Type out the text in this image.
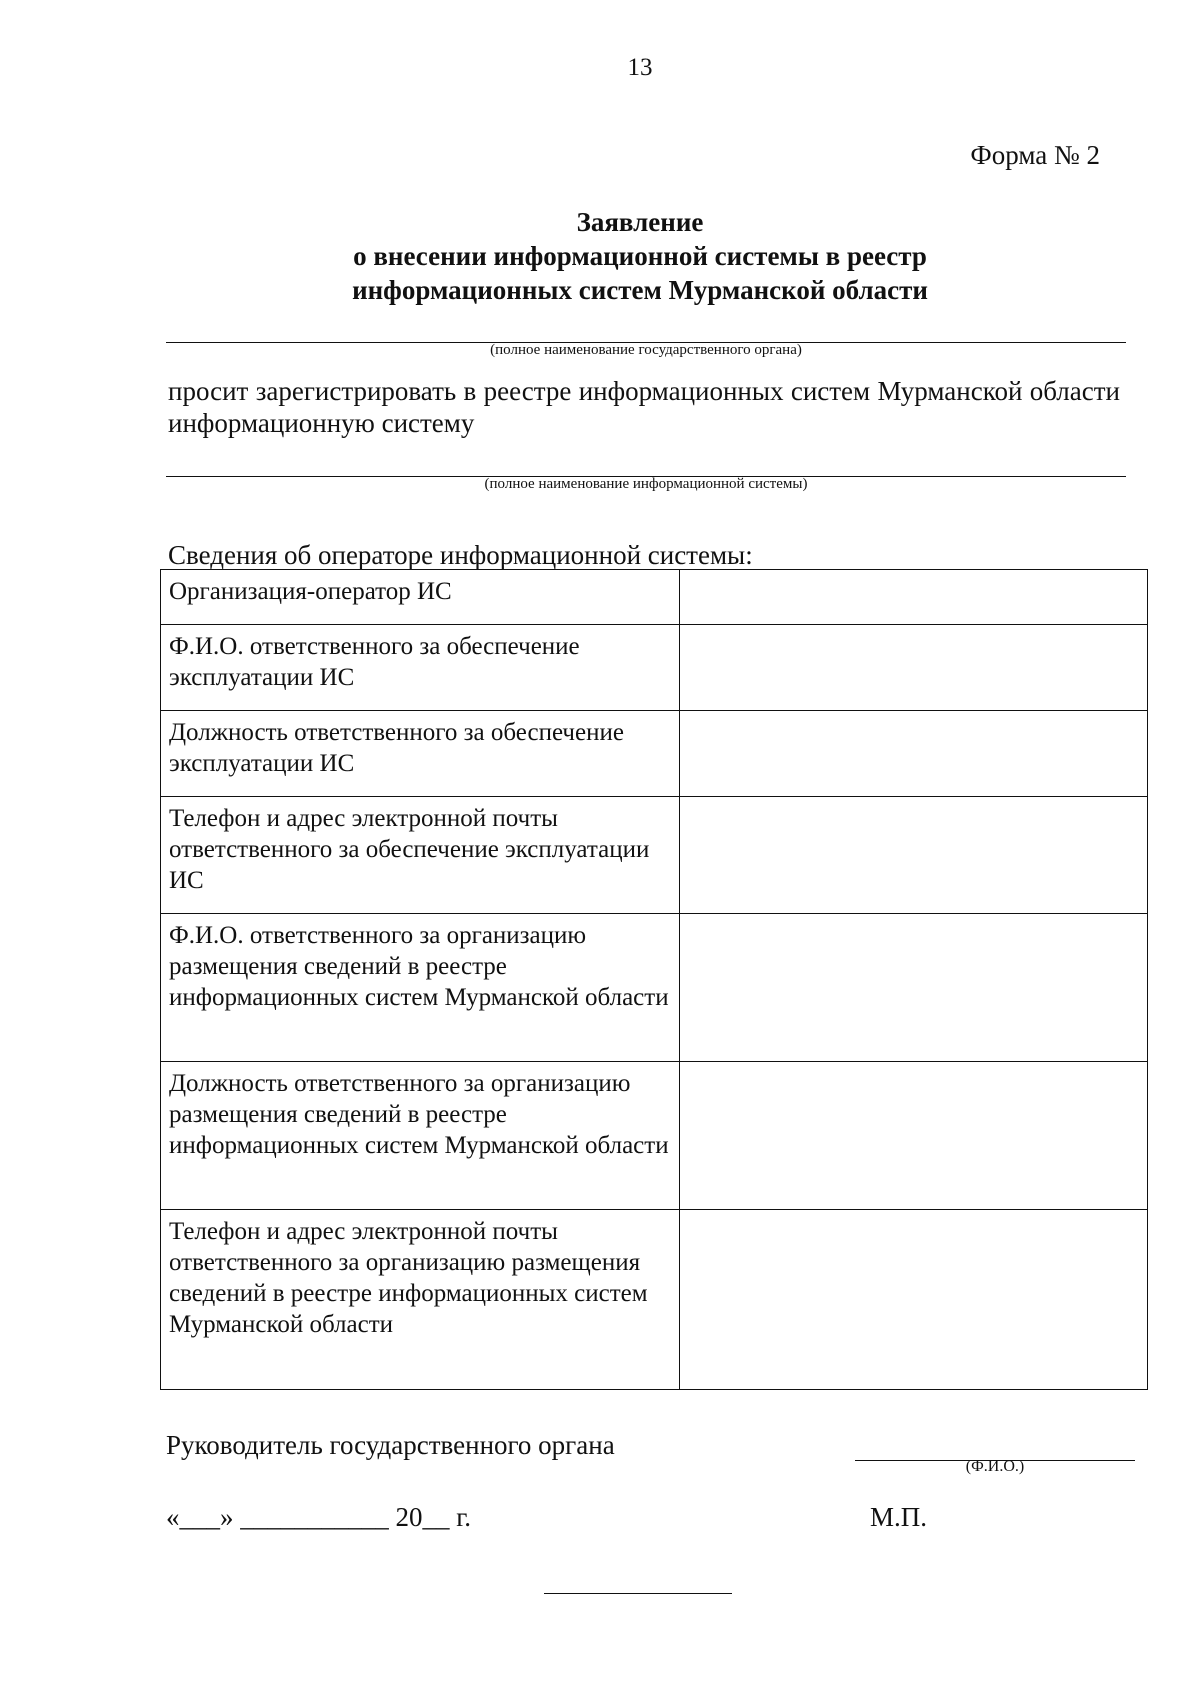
13
Форма № 2
Заявление
о внесении информационной системы в реестр
информационных систем Мурманской области
(полное наименование государственного органа)
просит зарегистрировать в реестре информационных систем Мурманской области информационную систему
(полное наименование информационной системы)
Сведения об операторе информационной системы:
Организация-оператор ИС	
Ф.И.О. ответственного за обеспечение эксплуатации ИС	
Должность ответственного за обеспечение эксплуатации ИС	
Телефон и адрес электронной почты ответственного за обеспечение эксплуатации ИС	
Ф.И.О. ответственного за организацию размещения сведений в реестре информационных систем Мурманской области	
Должность ответственного за организацию размещения сведений в реестре информационных систем Мурманской области	
Телефон и адрес электронной почты ответственного за организацию размещения сведений в реестре информационных систем Мурманской области	
Руководитель государственного органа
(Ф.И.О.)
«___» ___________ 20__ г.	М.П.
